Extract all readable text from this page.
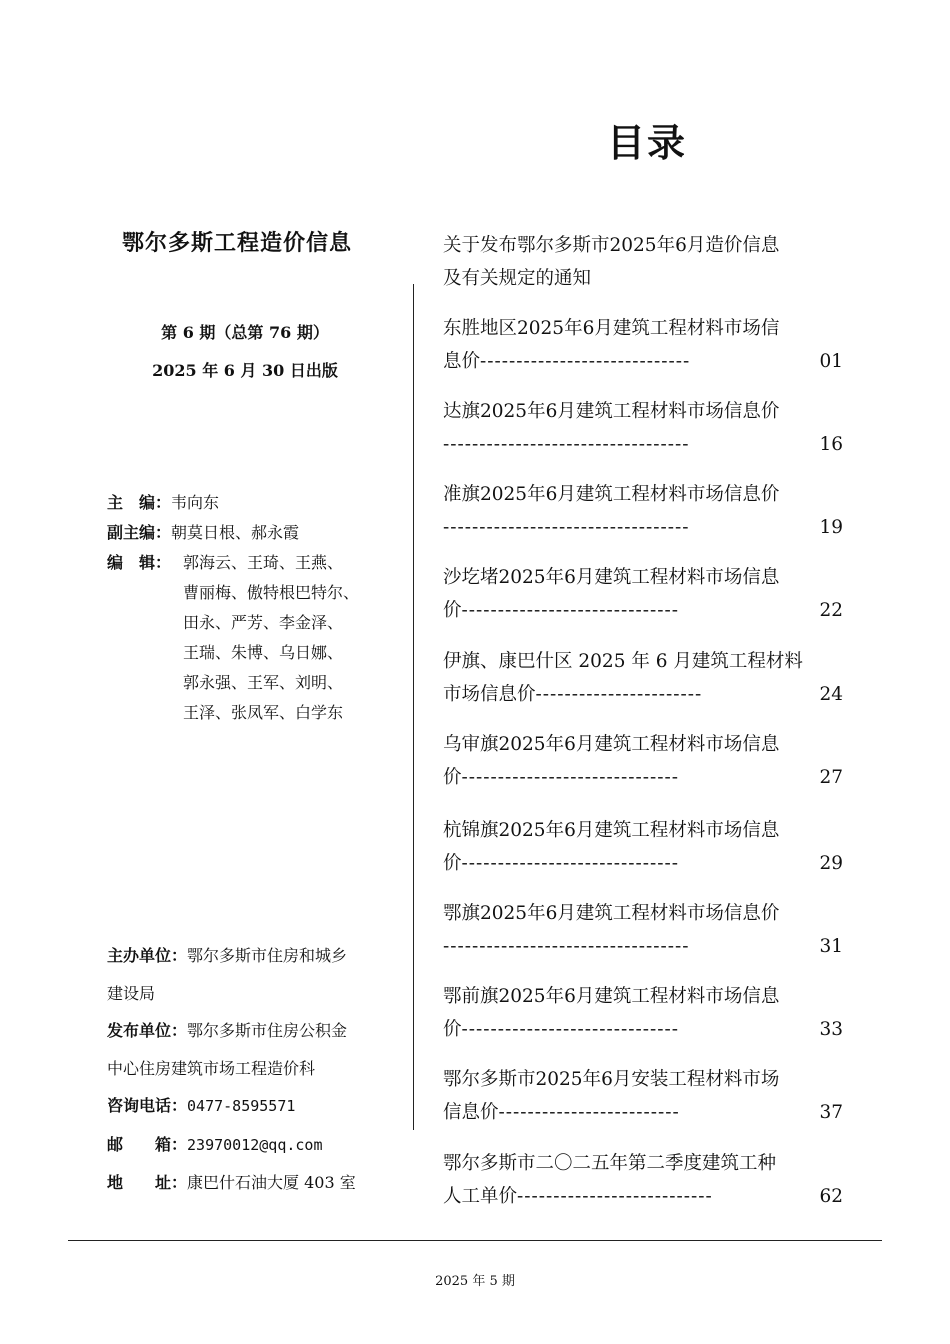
目录
鄂尔多斯工程造价信息
第 6 期（总第 76 期）
2025 年 6 月 30 日出版
主　编：韦向东
副主编：朝莫日根、郝永霞
编　辑： 郭海云、王琦、王燕、
曹丽梅、傲特根巴特尔、
田永、严芳、李金泽、
王瑞、朱博、乌日娜、
郭永强、王军、刘明、
王泽、张凤军、白学东
主办单位：鄂尔多斯市住房和城乡
建设局
发布单位：鄂尔多斯市住房公积金
中心住房建筑市场工程造价科
咨询电话：0477-8595571
邮　　箱：23970012@qq.com
地　　址：康巴什石油大厦 403 室
关于发布鄂尔多斯市2025年6月造价信息
及有关规定的通知
东胜地区2025年6月建筑工程材料市场信
息价 -----------------------------	01
达旗2025年6月建筑工程材料市场信息价
----------------------------------	16
准旗2025年6月建筑工程材料市场信息价
----------------------------------	19
沙圪堵2025年6月建筑工程材料市场信息
价 ------------------------------	22
伊旗、康巴什区 2025 年 6 月建筑工程材料
市场信息价 -----------------------	24
乌审旗2025年6月建筑工程材料市场信息
价 ------------------------------	27
杭锦旗2025年6月建筑工程材料市场信息
价 ------------------------------	29
鄂旗2025年6月建筑工程材料市场信息价
----------------------------------	31
鄂前旗2025年6月建筑工程材料市场信息
价 ------------------------------	33
鄂尔多斯市2025年6月安装工程材料市场
信息价 -------------------------	37
鄂尔多斯市二〇二五年第二季度建筑工种
人工单价 ---------------------------	62
2025 年 5 期
